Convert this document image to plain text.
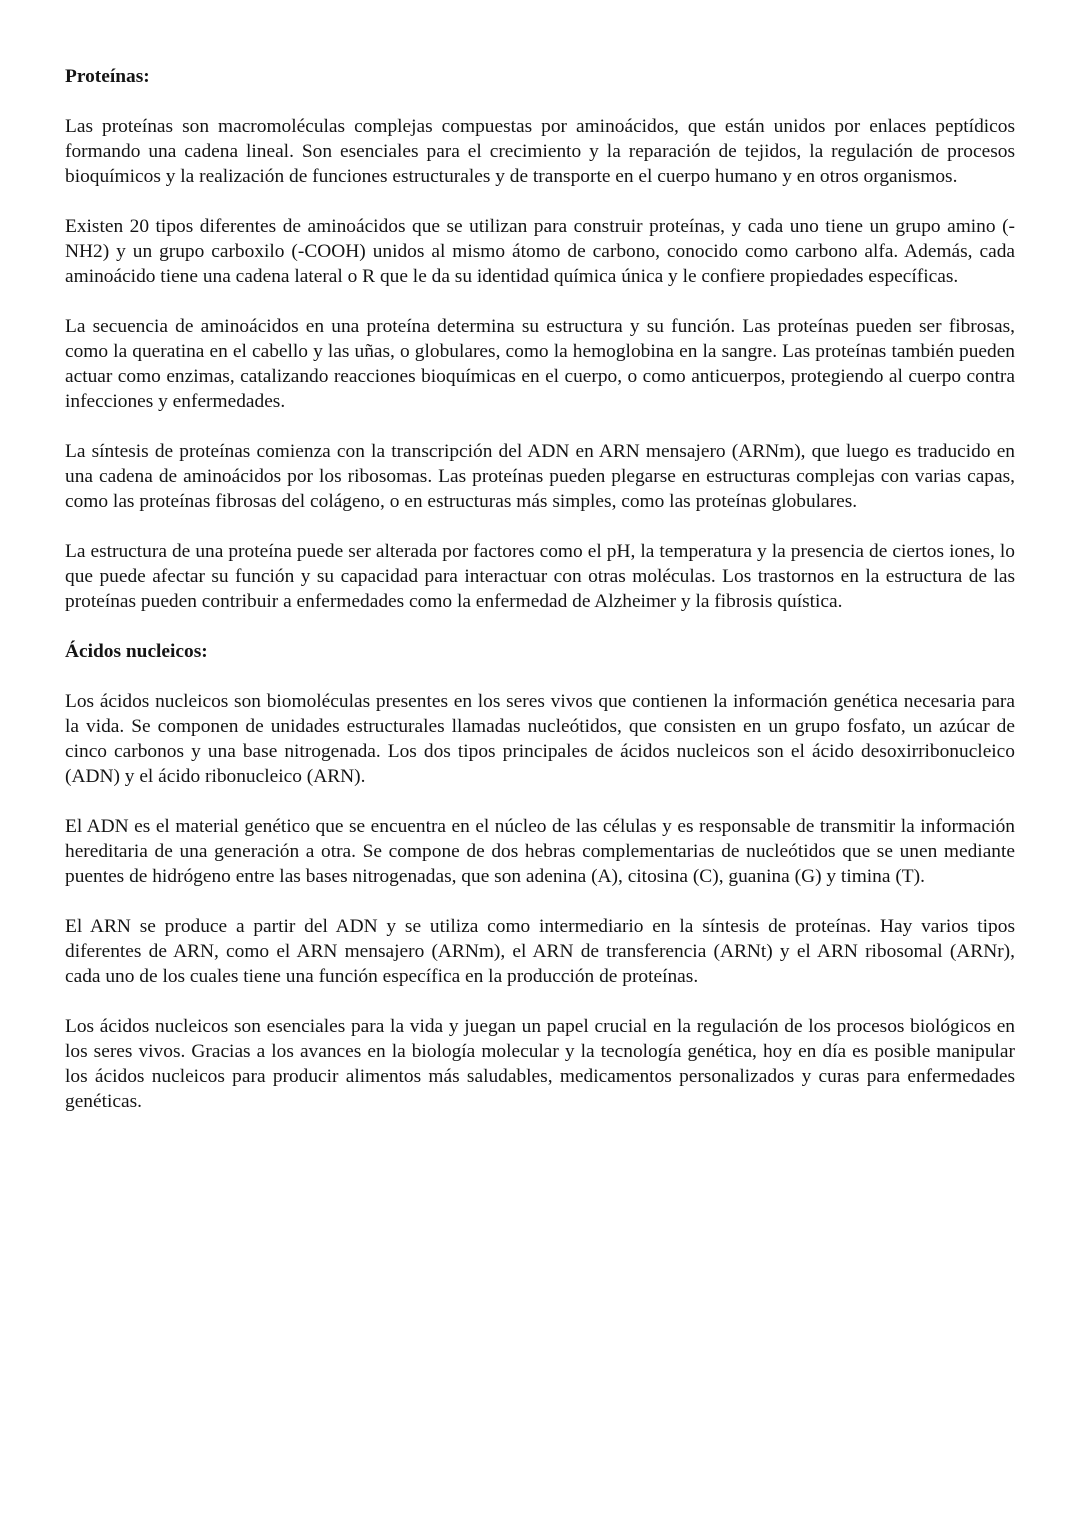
Proteínas:

Las proteínas son macromoléculas complejas compuestas por aminoácidos, que están unidos por enlaces peptídicos formando una cadena lineal. Son esenciales para el crecimiento y la reparación de tejidos, la regulación de procesos bioquímicos y la realización de funciones estructurales y de transporte en el cuerpo humano y en otros organismos.

Existen 20 tipos diferentes de aminoácidos que se utilizan para construir proteínas, y cada uno tiene un grupo amino (-NH2) y un grupo carboxilo (-COOH) unidos al mismo átomo de carbono, conocido como carbono alfa. Además, cada aminoácido tiene una cadena lateral o R que le da su identidad química única y le confiere propiedades específicas.

La secuencia de aminoácidos en una proteína determina su estructura y su función. Las proteínas pueden ser fibrosas, como la queratina en el cabello y las uñas, o globulares, como la hemoglobina en la sangre. Las proteínas también pueden actuar como enzimas, catalizando reacciones bioquímicas en el cuerpo, o como anticuerpos, protegiendo al cuerpo contra infecciones y enfermedades.

La síntesis de proteínas comienza con la transcripción del ADN en ARN mensajero (ARNm), que luego es traducido en una cadena de aminoácidos por los ribosomas. Las proteínas pueden plegarse en estructuras complejas con varias capas, como las proteínas fibrosas del colágeno, o en estructuras más simples, como las proteínas globulares.

La estructura de una proteína puede ser alterada por factores como el pH, la temperatura y la presencia de ciertos iones, lo que puede afectar su función y su capacidad para interactuar con otras moléculas. Los trastornos en la estructura de las proteínas pueden contribuir a enfermedades como la enfermedad de Alzheimer y la fibrosis quística.

Ácidos nucleicos:

Los ácidos nucleicos son biomoléculas presentes en los seres vivos que contienen la información genética necesaria para la vida. Se componen de unidades estructurales llamadas nucleótidos, que consisten en un grupo fosfato, un azúcar de cinco carbonos y una base nitrogenada. Los dos tipos principales de ácidos nucleicos son el ácido desoxirribonucleico (ADN) y el ácido ribonucleico (ARN).

El ADN es el material genético que se encuentra en el núcleo de las células y es responsable de transmitir la información hereditaria de una generación a otra. Se compone de dos hebras complementarias de nucleótidos que se unen mediante puentes de hidrógeno entre las bases nitrogenadas, que son adenina (A), citosina (C), guanina (G) y timina (T).

El ARN se produce a partir del ADN y se utiliza como intermediario en la síntesis de proteínas. Hay varios tipos diferentes de ARN, como el ARN mensajero (ARNm), el ARN de transferencia (ARNt) y el ARN ribosomal (ARNr), cada uno de los cuales tiene una función específica en la producción de proteínas.

Los ácidos nucleicos son esenciales para la vida y juegan un papel crucial en la regulación de los procesos biológicos en los seres vivos. Gracias a los avances en la biología molecular y la tecnología genética, hoy en día es posible manipular los ácidos nucleicos para producir alimentos más saludables, medicamentos personalizados y curas para enfermedades genéticas.
